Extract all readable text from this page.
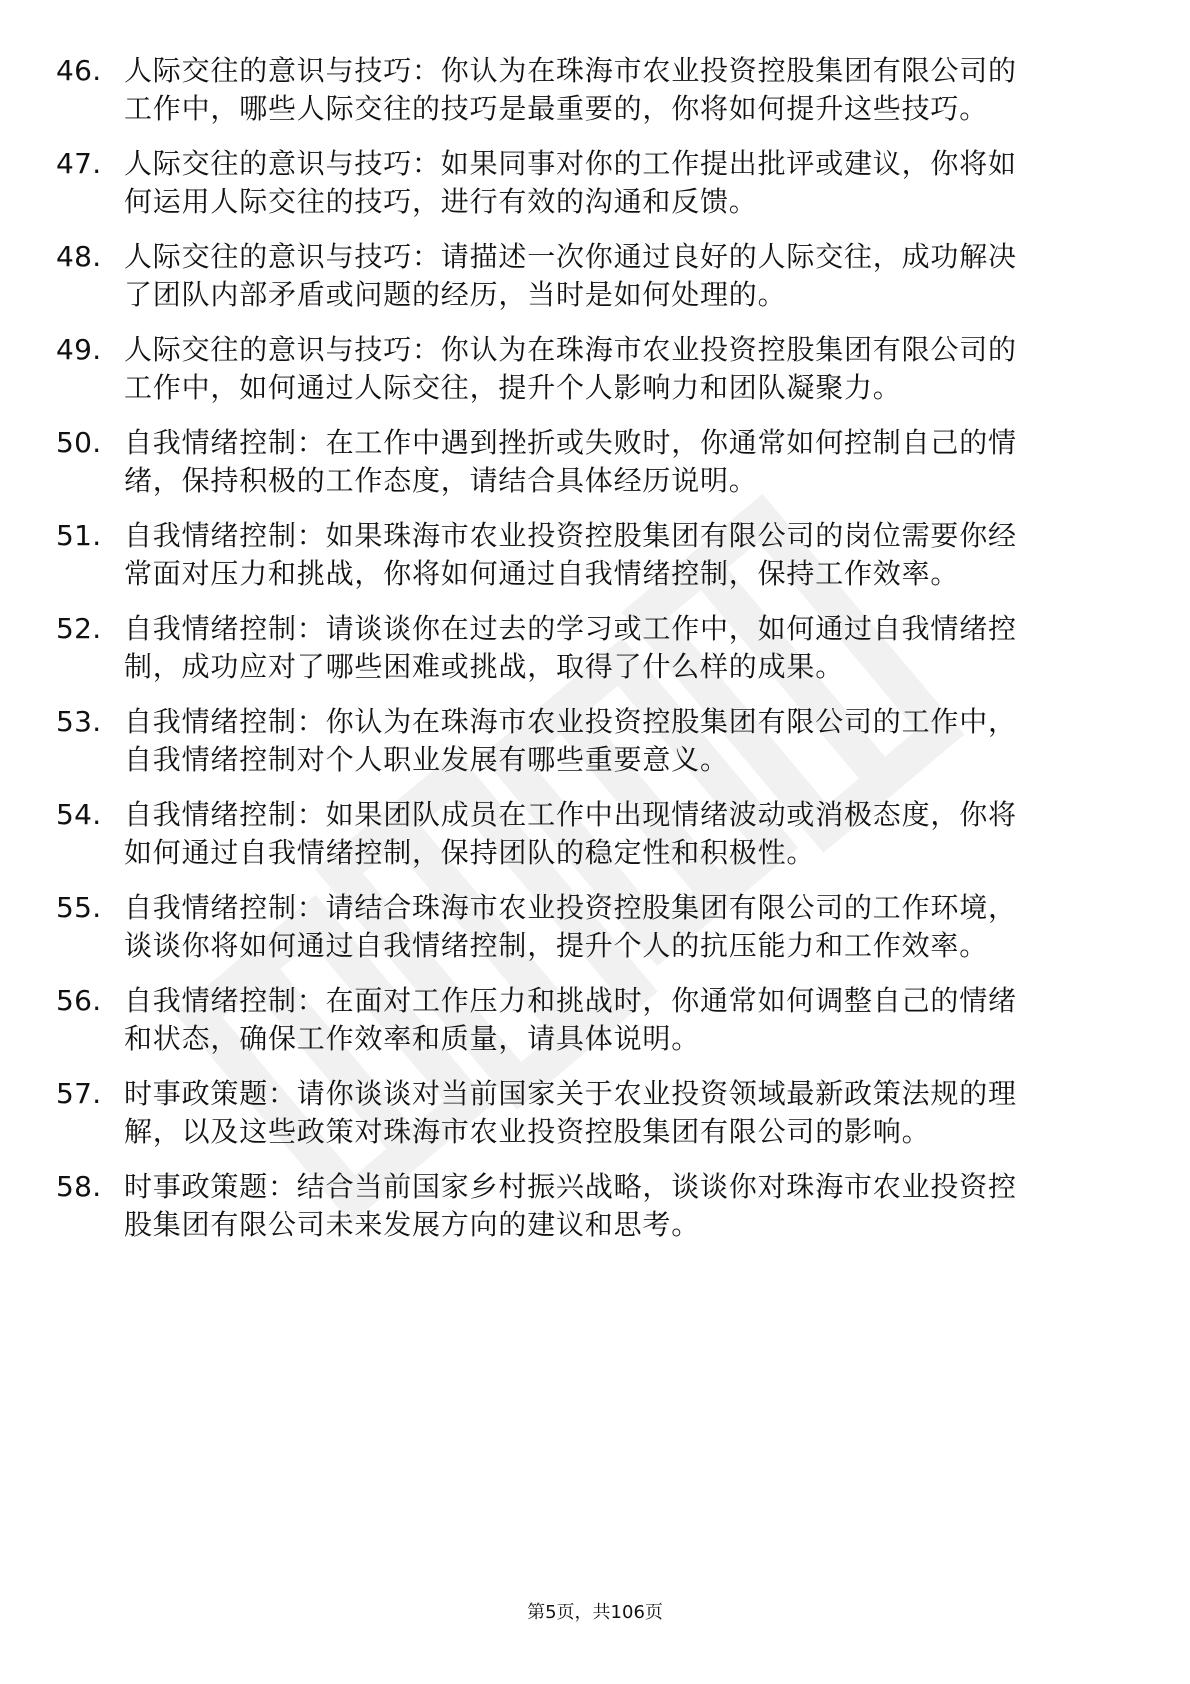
46. 人际交往的意识与技巧：你认为在珠海市农业投资控股集团有限公司的工作中，哪些人际交往的技巧是最重要的，你将如何提升这些技巧。
47. 人际交往的意识与技巧：如果同事对你的工作提出批评或建议，你将如何运用人际交往的技巧，进行有效的沟通和反馈。
48. 人际交往的意识与技巧：请描述一次你通过良好的人际交往，成功解决了团队内部矛盾或问题的经历，当时是如何处理的。
49. 人际交往的意识与技巧：你认为在珠海市农业投资控股集团有限公司的工作中，如何通过人际交往，提升个人影响力和团队凝聚力。
50. 自我情绪控制：在工作中遇到挫折或失败时，你通常如何控制自己的情绪，保持积极的工作态度，请结合具体经历说明。
51. 自我情绪控制：如果珠海市农业投资控股集团有限公司的岗位需要你经常面对压力和挑战，你将如何通过自我情绪控制，保持工作效率。
52. 自我情绪控制：请谈谈你在过去的学习或工作中，如何通过自我情绪控制，成功应对了哪些困难或挑战，取得了什么样的成果。
53. 自我情绪控制：你认为在珠海市农业投资控股集团有限公司的工作中，自我情绪控制对个人职业发展有哪些重要意义。
54. 自我情绪控制：如果团队成员在工作中出现情绪波动或消极态度，你将如何通过自我情绪控制，保持团队的稳定性和积极性。
55. 自我情绪控制：请结合珠海市农业投资控股集团有限公司的工作环境，谈谈你将如何通过自我情绪控制，提升个人的抗压能力和工作效率。
56. 自我情绪控制：在面对工作压力和挑战时，你通常如何调整自己的情绪和状态，确保工作效率和质量，请具体说明。
57. 时事政策题：请你谈谈对当前国家关于农业投资领域最新政策法规的理解，以及这些政策对珠海市农业投资控股集团有限公司的影响。
58. 时事政策题：结合当前国家乡村振兴战略，谈谈你对珠海市农业投资控股集团有限公司未来发展方向的建议和思考。
第5页，共106页
